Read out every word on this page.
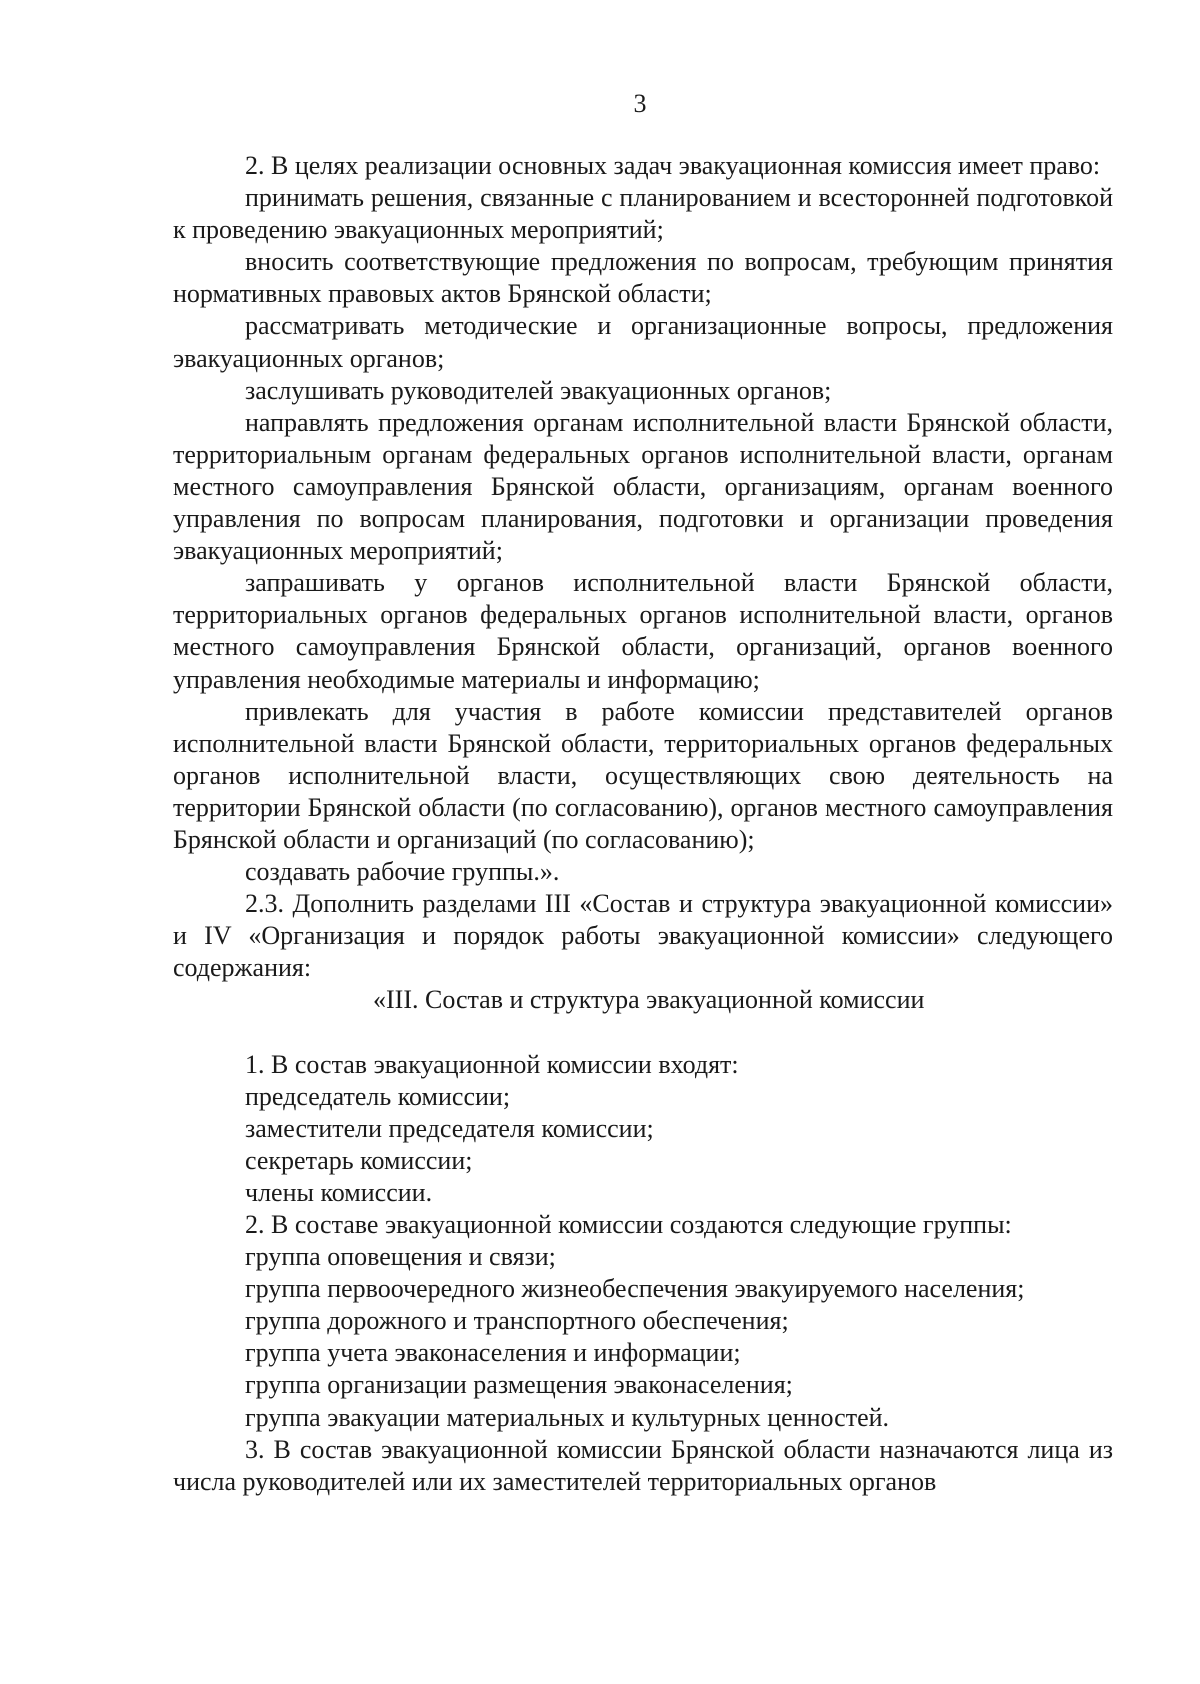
3

2. В целях реализации основных задач эвакуационная комиссия имеет право:

принимать решения, связанные с планированием и всесторонней подготовкой к проведению эвакуационных мероприятий;

вносить соответствующие предложения по вопросам, требующим принятия нормативных правовых актов Брянской области;

рассматривать методические и организационные вопросы, предложения эвакуационных органов;

заслушивать руководителей эвакуационных органов;

направлять предложения органам исполнительной власти Брянской области, территориальным органам федеральных органов исполнительной власти, органам местного самоуправления Брянской области, организациям, органам военного управления по вопросам планирования, подготовки и организации проведения эвакуационных мероприятий;

запрашивать у органов исполнительной власти Брянской области, территориальных органов федеральных органов исполнительной власти, органов местного самоуправления Брянской области, организаций, органов военного управления необходимые материалы и информацию;

привлекать для участия в работе комиссии представителей органов исполнительной власти Брянской области, территориальных органов федеральных органов исполнительной власти, осуществляющих свою деятельность на территории Брянской области (по согласованию), органов местного самоуправления Брянской области и организаций (по согласованию);

создавать рабочие группы.».

2.3. Дополнить разделами III «Состав и структура эвакуационной комиссии» и IV «Организация и порядок работы эвакуационной комиссии» следующего содержания:

«III. Состав и структура эвакуационной комиссии

1. В состав эвакуационной комиссии входят:

председатель комиссии;

заместители председателя комиссии;

секретарь комиссии;

члены комиссии.

2. В составе эвакуационной комиссии создаются следующие группы:

группа оповещения и связи;

группа первоочередного жизнеобеспечения эвакуируемого населения;

группа дорожного и транспортного обеспечения;

группа учета эваконаселения и информации;

группа организации размещения эваконаселения;

группа эвакуации материальных и культурных ценностей.

3. В состав эвакуационной комиссии Брянской области назначаются лица из числа руководителей или их заместителей территориальных органов
